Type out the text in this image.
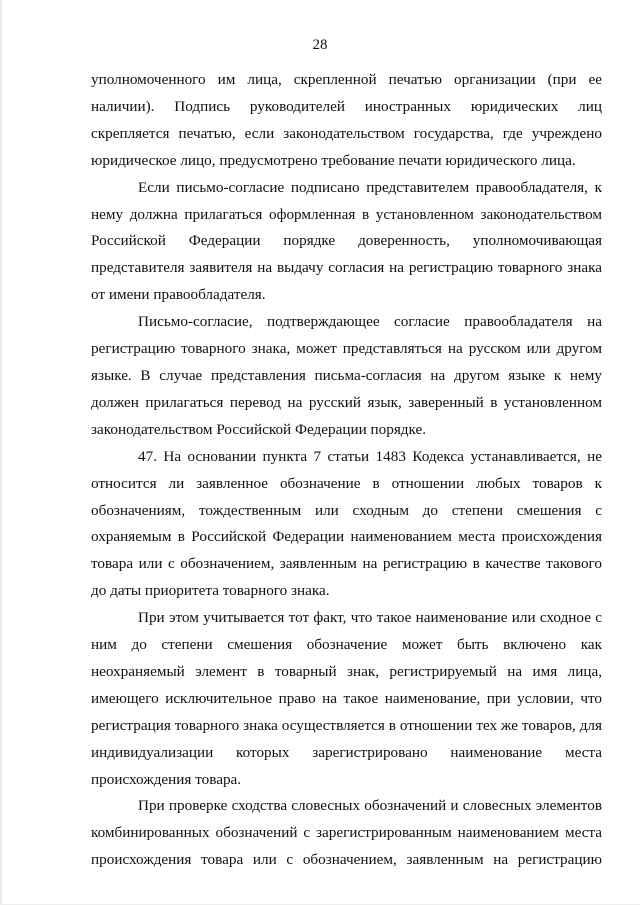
28

уполномоченного им лица, скрепленной печатью организации (при ее наличии). Подпись руководителей иностранных юридических лиц скрепляется печатью, если законодательством государства, где учреждено юридическое лицо, предусмотрено требование печати юридического лица.

Если письмо-согласие подписано представителем правообладателя, к нему должна прилагаться оформленная в установленном законодательством Российской Федерации порядке доверенность, уполномочивающая представителя заявителя на выдачу согласия на регистрацию товарного знака от имени правообладателя.

Письмо-согласие, подтверждающее согласие правообладателя на регистрацию товарного знака, может представляться на русском или другом языке. В случае представления письма-согласия на другом языке к нему должен прилагаться перевод на русский язык, заверенный в установленном законодательством Российской Федерации порядке.

47. На основании пункта 7 статьи 1483 Кодекса устанавливается, не относится ли заявленное обозначение в отношении любых товаров к обозначениям, тождественным или сходным до степени смешения с охраняемым в Российской Федерации наименованием места происхождения товара или с обозначением, заявленным на регистрацию в качестве такового до даты приоритета товарного знака.

При этом учитывается тот факт, что такое наименование или сходное с ним до степени смешения обозначение может быть включено как неохраняемый элемент в товарный знак, регистрируемый на имя лица, имеющего исключительное право на такое наименование, при условии, что регистрация товарного знака осуществляется в отношении тех же товаров, для индивидуализации которых зарегистрировано наименование места происхождения товара.

При проверке сходства словесных обозначений и словесных элементов комбинированных обозначений с зарегистрированным наименованием места происхождения товара или с обозначением, заявленным на регистрацию
